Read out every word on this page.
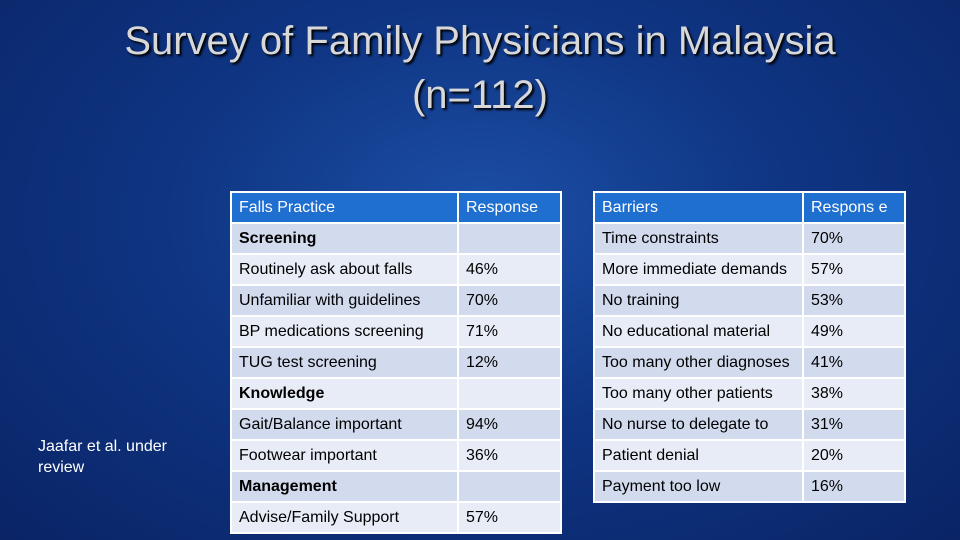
Survey of Family Physicians in Malaysia
(n=112)
Jaafar et al. under review
Falls Practice	Response
Screening	
Routinely ask about falls	46%
Unfamiliar with guidelines	70%
BP medications screening	71%
TUG test screening	12%
Knowledge	
Gait/Balance important	94%
Footwear important	36%
Management	
Advise/Family Support	57%
Barriers	Respons e
Time constraints	70%
More immediate demands	57%
No training	53%
No educational material	49%
Too many other diagnoses	41%
Too many other patients	38%
No nurse to delegate to	31%
Patient denial	20%
Payment too low	16%
